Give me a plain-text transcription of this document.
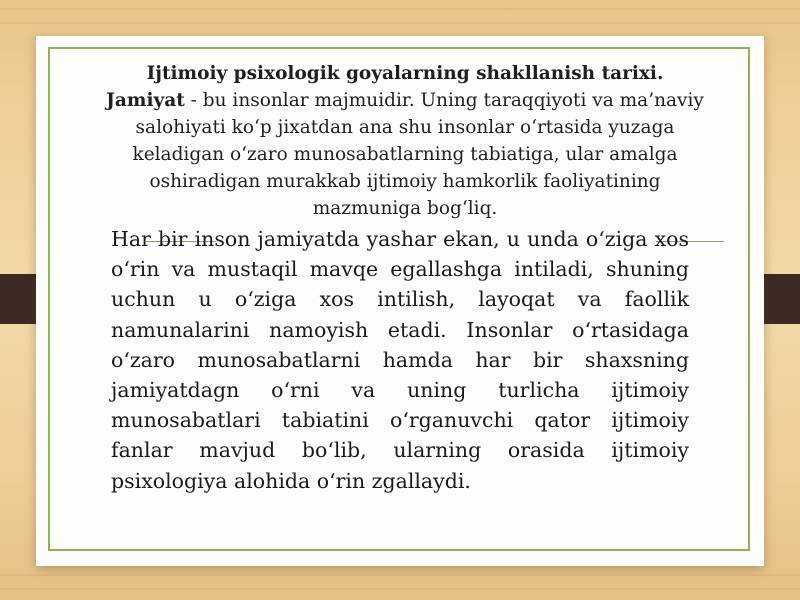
Ijtimoiy psixologik goyalarning shakllanish tarixi.
Jamiyat - bu insonlar majmuidir. Uning taraqqiyoti va ma’naviy salohiyati ko‘p jixatdan ana shu insonlar o‘rtasida yuzaga keladigan o‘zaro munosabatlarning tabiatiga, ular amalga oshiradigan murakkab ijtimoiy hamkorlik faoliyatining mazmuniga bog‘liq.
Har bir inson jamiyatda yashar ekan, u unda o‘ziga xos o‘rin va mustaqil mavqe egallashga intiladi, shuning uchun u o‘ziga xos intilish, layoqat va faollik namunalarini namoyish etadi. Insonlar o‘rtasidaga o‘zaro munosabatlarni hamda har bir shaxsning jamiyatdagn o‘rni va uning turlicha ijtimoiy munosabatlari tabiatini o‘rganuvchi qator ijtimoiy fanlar mavjud bo‘lib, ularning orasida ijtimoiy psixologiya alohida o‘rin zgallaydi.
